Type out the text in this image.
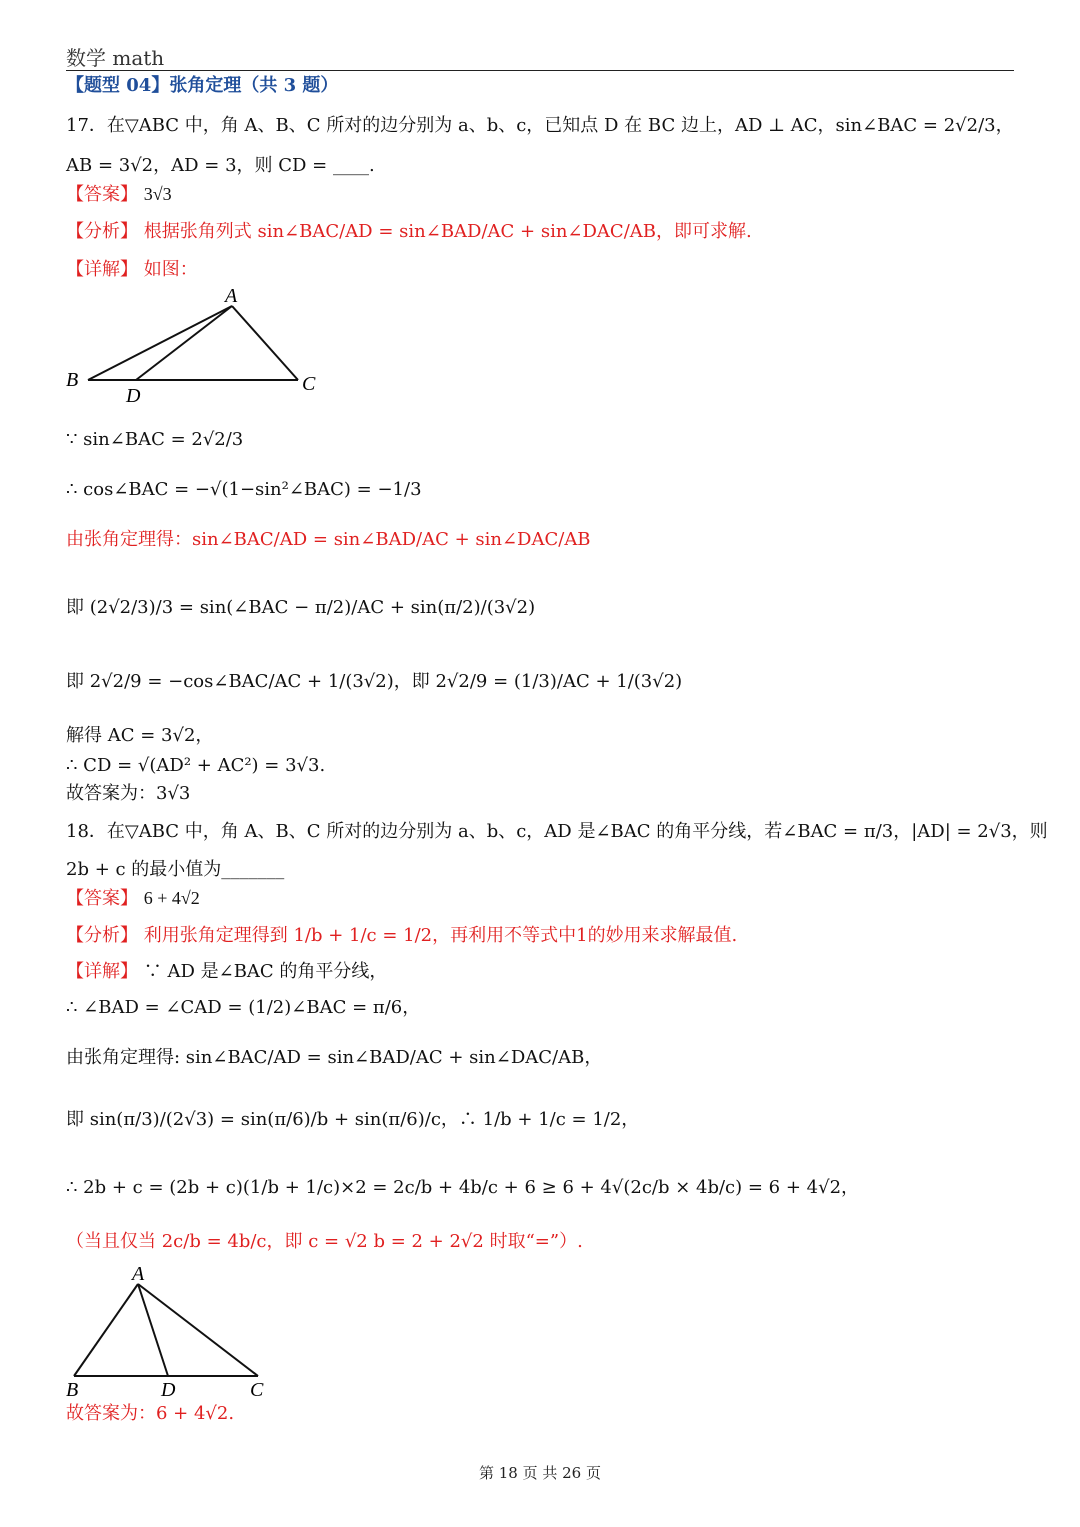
数学 math
【题型 04】张角定理（共 3 题）
17．在▽ABC 中，角 A、B、C 所对的边分别为 a、b、c，已知点 D 在 BC 边上，AD ⊥ AC，sin∠BAC = 2√2/3，
AB = 3√2，AD = 3，则 CD = ____.
【答案】 3√3
【分析】 根据张角列式 sin∠BAC/AD = sin∠BAD/AC + sin∠DAC/AB，即可求解.
【详解】 如图：
A
B
D
C
∵ sin∠BAC = 2√2/3
∴ cos∠BAC = −√(1−sin²∠BAC) = −1/3
由张角定理得：sin∠BAC/AD = sin∠BAD/AC + sin∠DAC/AB
即 (2√2/3)/3 = sin(∠BAC − π/2)/AC + sin(π/2)/(3√2)
即 2√2/9 = −cos∠BAC/AC + 1/(3√2)，即 2√2/9 = (1/3)/AC + 1/(3√2)
解得 AC = 3√2，
∴ CD = √(AD² + AC²) = 3√3.
故答案为：3√3
18．在▽ABC 中，角 A、B、C 所对的边分别为 a、b、c，AD 是∠BAC 的角平分线，若∠BAC = π/3，|AD| = 2√3，则
2b + c 的最小值为_______
【答案】 6 + 4√2
【分析】 利用张角定理得到 1/b + 1/c = 1/2，再利用不等式中1的妙用来求解最值.
【详解】 ∵ AD 是∠BAC 的角平分线，
∴ ∠BAD = ∠CAD = (1/2)∠BAC = π/6，
由张角定理得: sin∠BAC/AD = sin∠BAD/AC + sin∠DAC/AB，
即 sin(π/3)/(2√3) = sin(π/6)/b + sin(π/6)/c，∴ 1/b + 1/c = 1/2，
∴ 2b + c = (2b + c)(1/b + 1/c)×2 = 2c/b + 4b/c + 6 ≥ 6 + 4√(2c/b × 4b/c) = 6 + 4√2，
（当且仅当 2c/b = 4b/c，即 c = √2 b = 2 + 2√2 时取“=”）.
A
B	D	C
故答案为：6 + 4√2.
第 18 页 共 26 页
